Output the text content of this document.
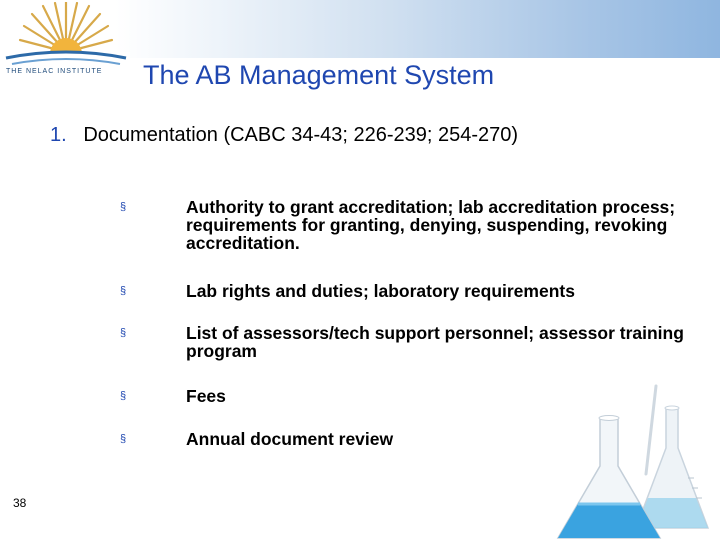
THE NELAC INSTITUTE	The AB Management System
1. Documentation (CABC 34-43; 226-239; 254-270)
§	Authority to grant accreditation; lab accreditation process; requirements for granting, denying, suspending, revoking accreditation.
§	Lab rights and duties; laboratory requirements
§	List of assessors/tech support personnel; assessor training program
§	Fees
§	Annual document review
38
